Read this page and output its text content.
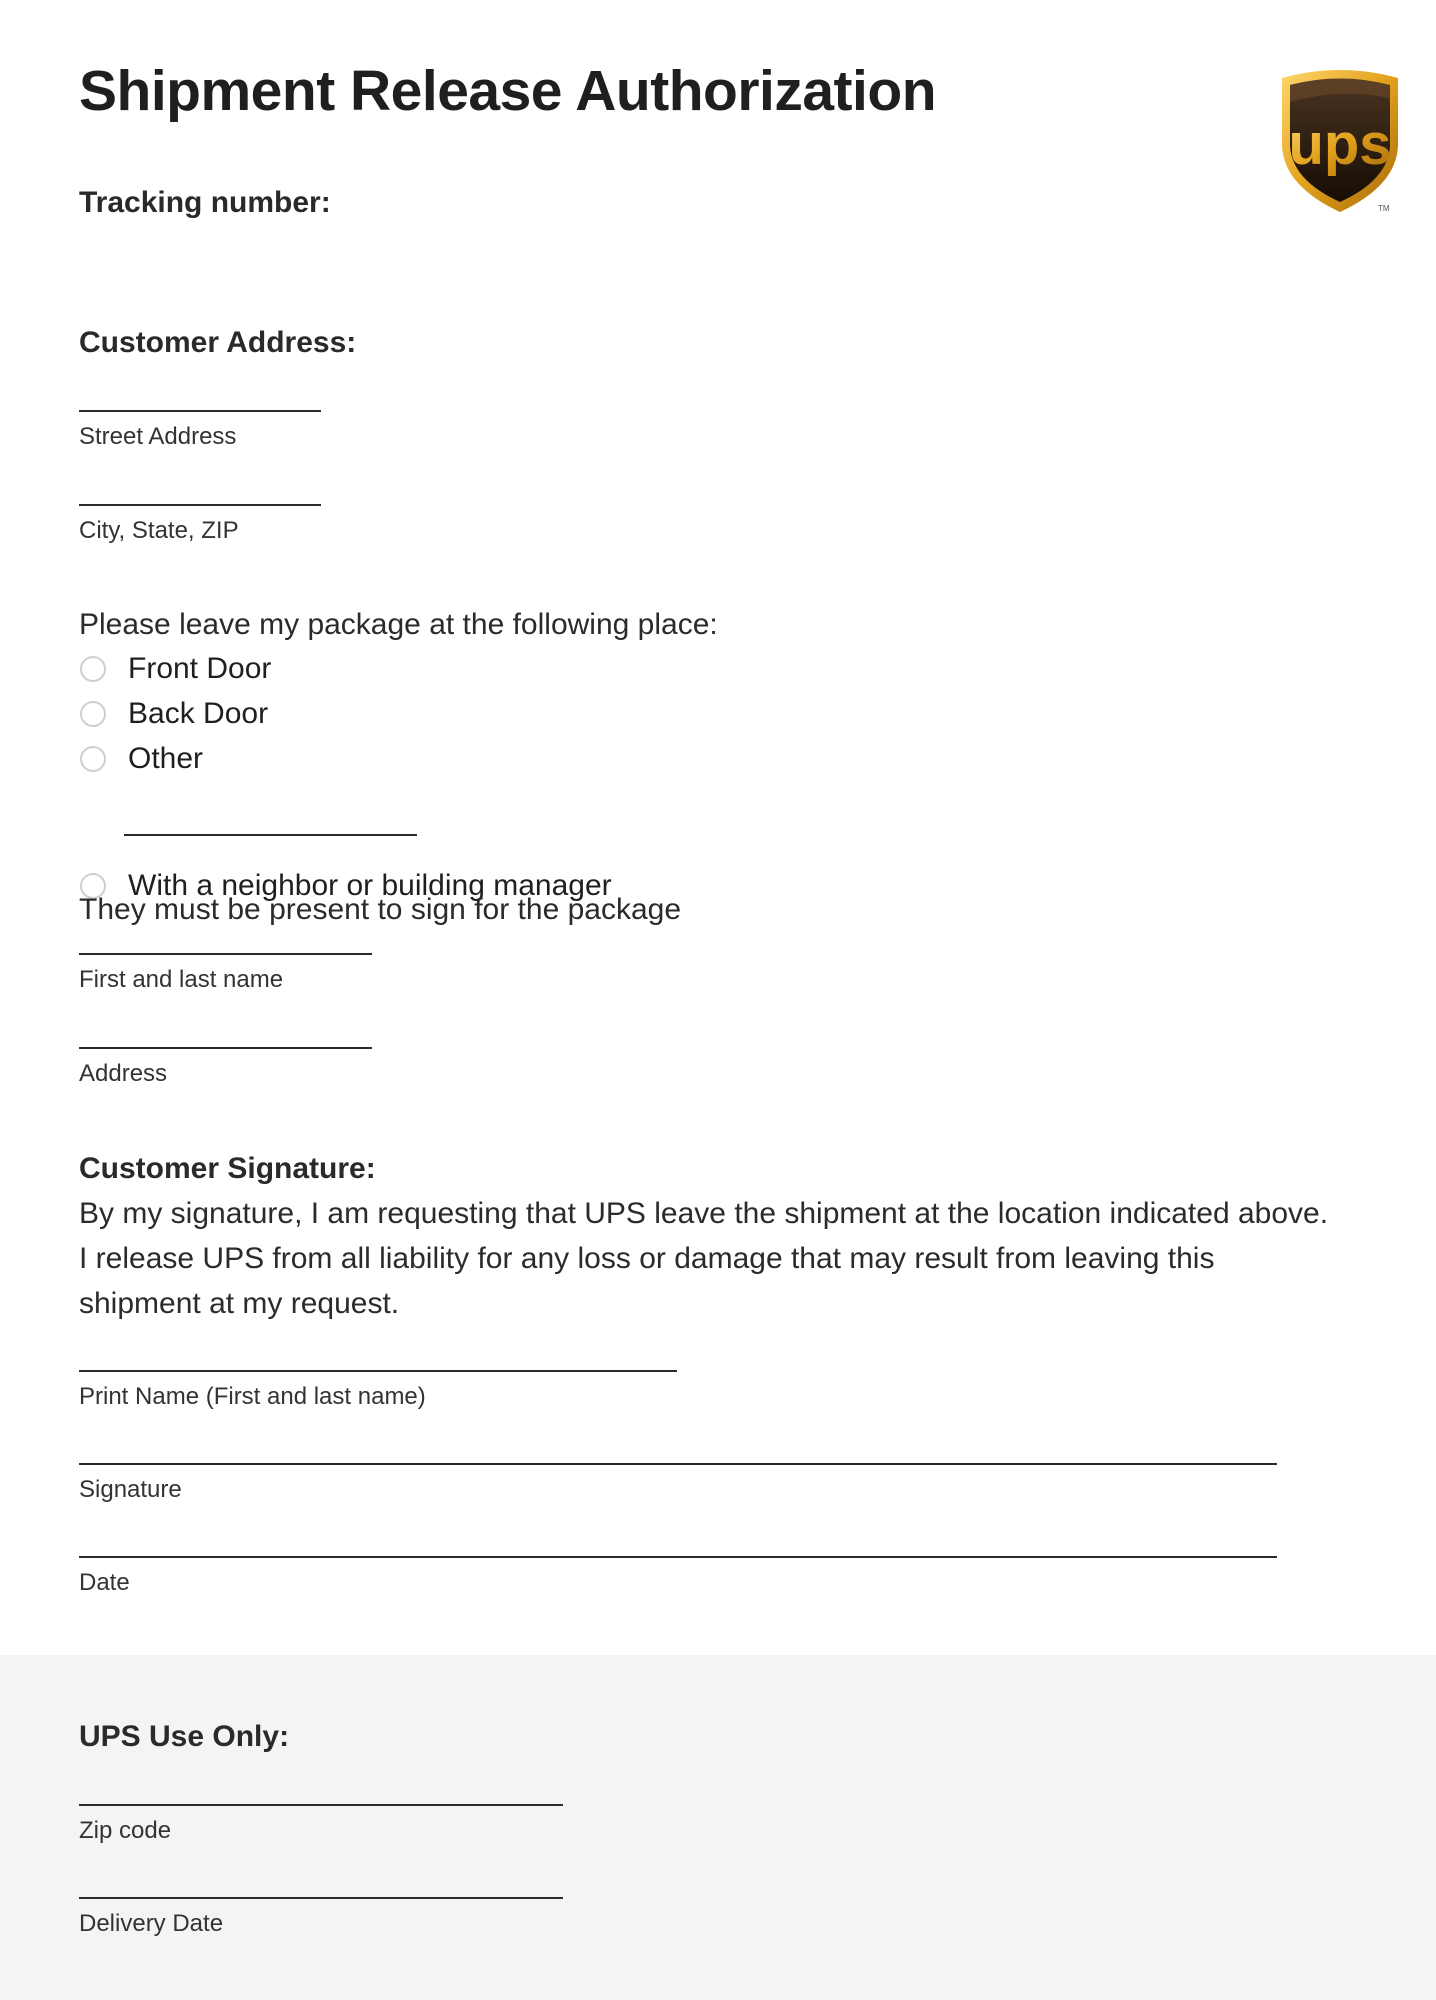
Shipment Release Authorization
ups
TM
Tracking number:
Customer Address:
Street Address
City, State, ZIP
Please leave my package at the following place:
Front Door
Back Door
Other
With a neighbor or building manager
They must be present to sign for the package
First and last name
Address
Customer Signature:
By my signature, I am requesting that UPS leave the shipment at the location indicated above.
I release UPS from all liability for any loss or damage that may result from leaving this
shipment at my request.
Print Name (First and last name)
Signature
Date
UPS Use Only:
Zip code
Delivery Date
